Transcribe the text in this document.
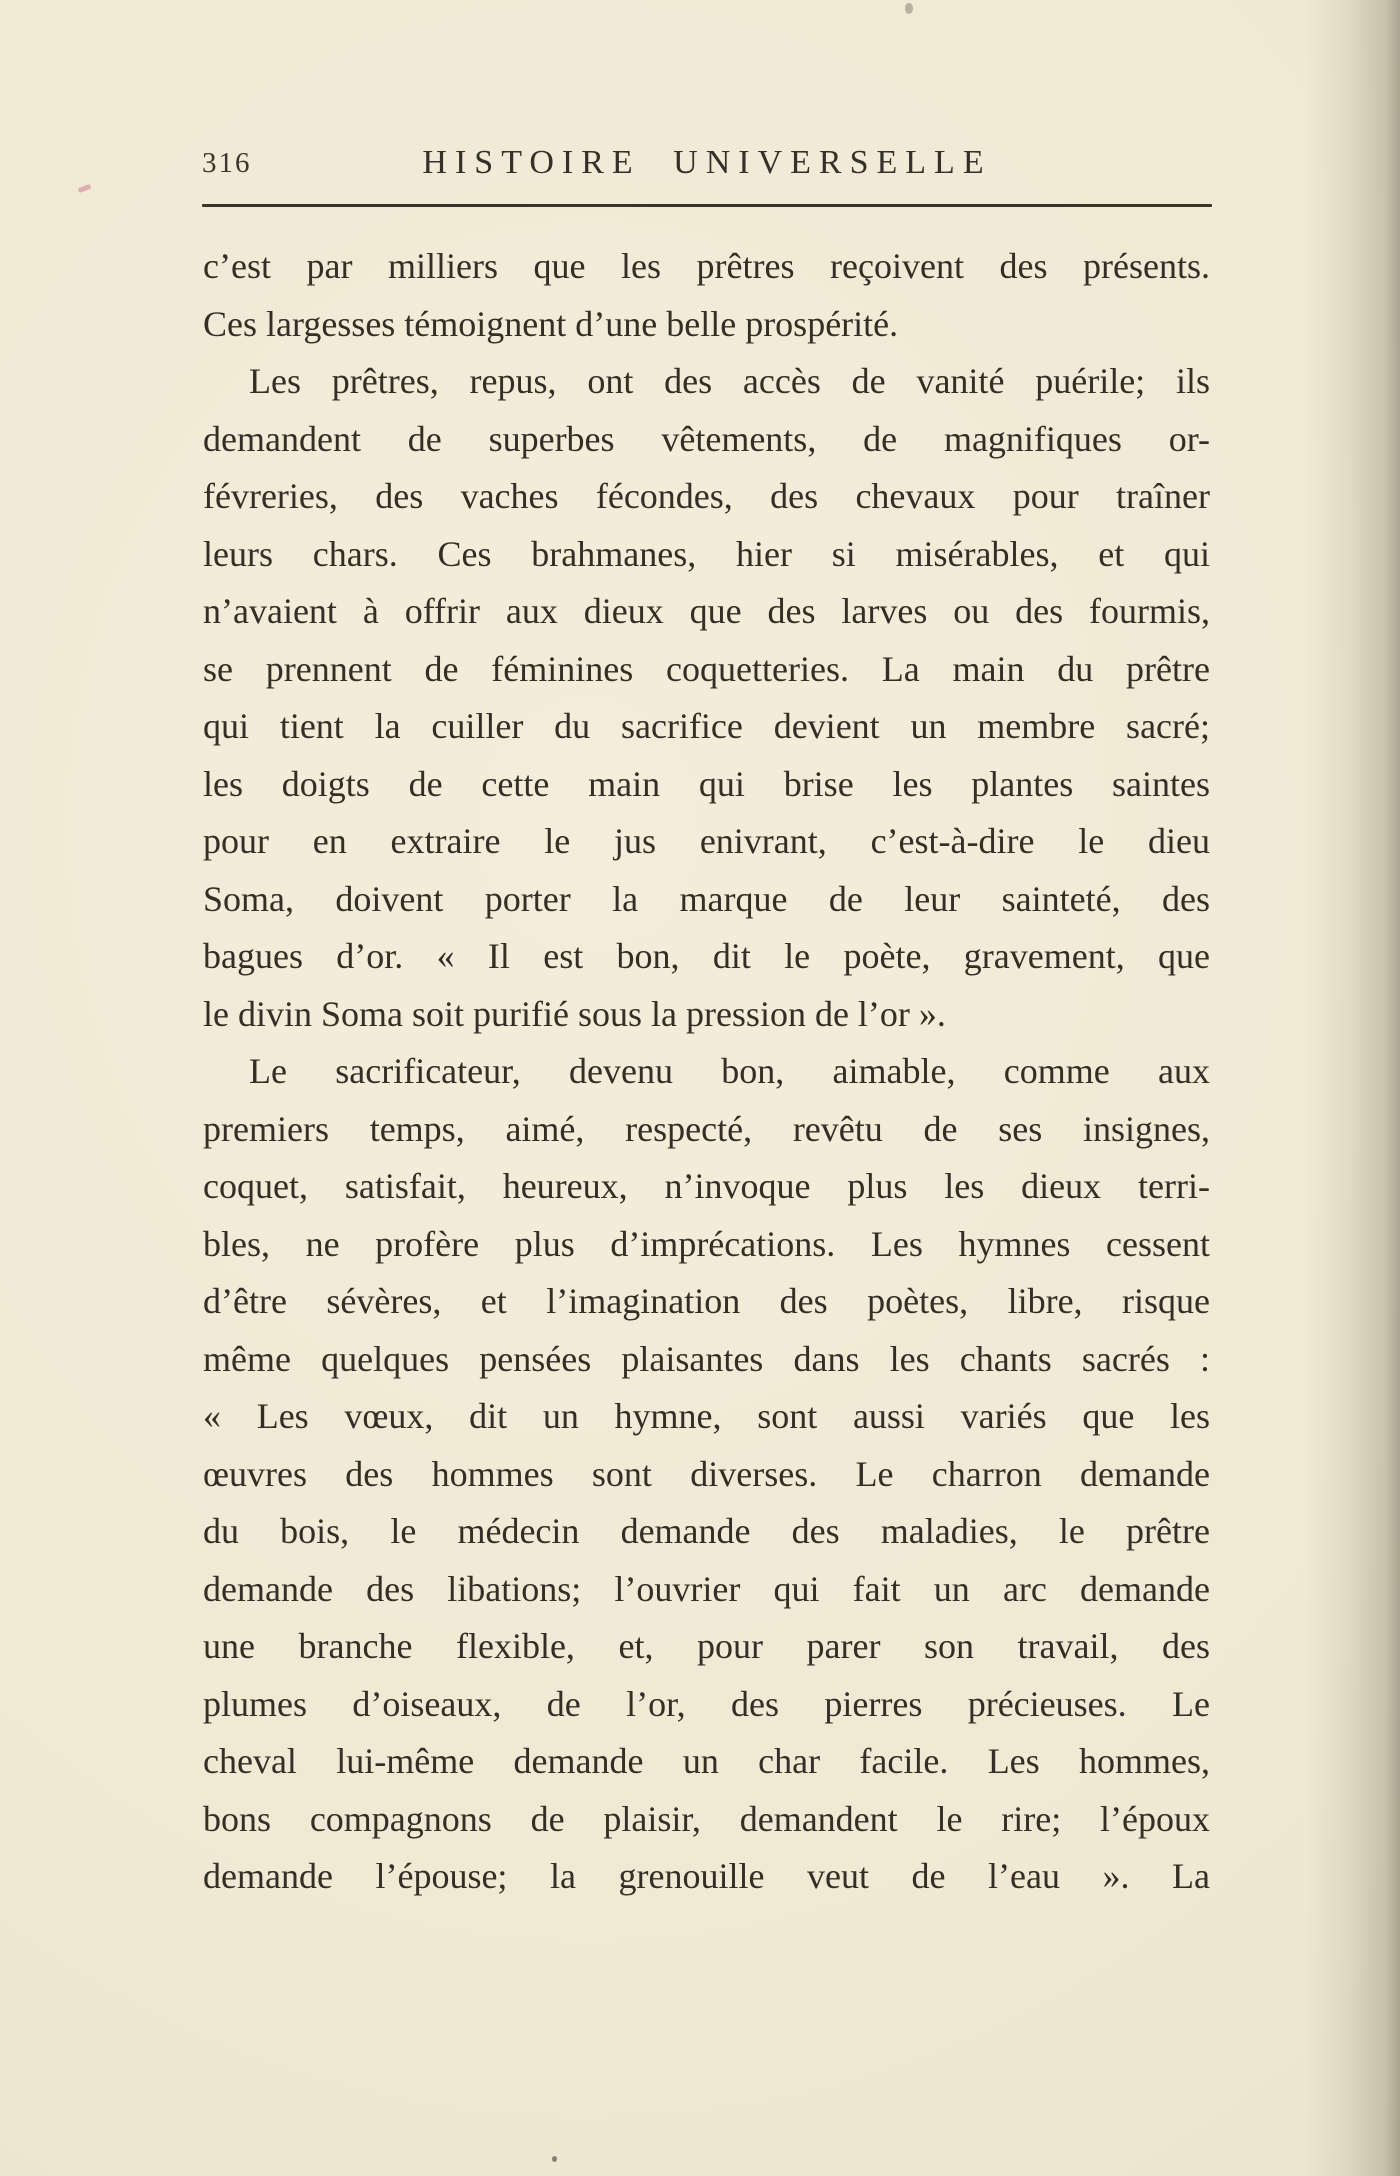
316	HISTOIRE UNIVERSELLE
c’est par milliers que les prêtres reçoivent des présents.
Ces largesses témoignent d’une belle prospérité.
Les prêtres, repus, ont des accès de vanité puérile; ils
demandent de superbes vêtements, de magnifiques or-
févreries, des vaches fécondes, des chevaux pour traîner
leurs chars. Ces brahmanes, hier si misérables, et qui
n’avaient à offrir aux dieux que des larves ou des fourmis,
se prennent de féminines coquetteries. La main du prêtre
qui tient la cuiller du sacrifice devient un membre sacré;
les doigts de cette main qui brise les plantes saintes
pour en extraire le jus enivrant, c’est-à-dire le dieu
Soma, doivent porter la marque de leur sainteté, des
bagues d’or. « Il est bon, dit le poète, gravement, que
le divin Soma soit purifié sous la pression de l’or ».
Le sacrificateur, devenu bon, aimable, comme aux
premiers temps, aimé, respecté, revêtu de ses insignes,
coquet, satisfait, heureux, n’invoque plus les dieux terri-
bles, ne profère plus d’imprécations. Les hymnes cessent
d’être sévères, et l’imagination des poètes, libre, risque
même quelques pensées plaisantes dans les chants sacrés :
« Les vœux, dit un hymne, sont aussi variés que les
œuvres des hommes sont diverses. Le charron demande
du bois, le médecin demande des maladies, le prêtre
demande des libations; l’ouvrier qui fait un arc demande
une branche flexible, et, pour parer son travail, des
plumes d’oiseaux, de l’or, des pierres précieuses. Le
cheval lui-même demande un char facile. Les hommes,
bons compagnons de plaisir, demandent le rire; l’époux
demande l’épouse; la grenouille veut de l’eau ». La
